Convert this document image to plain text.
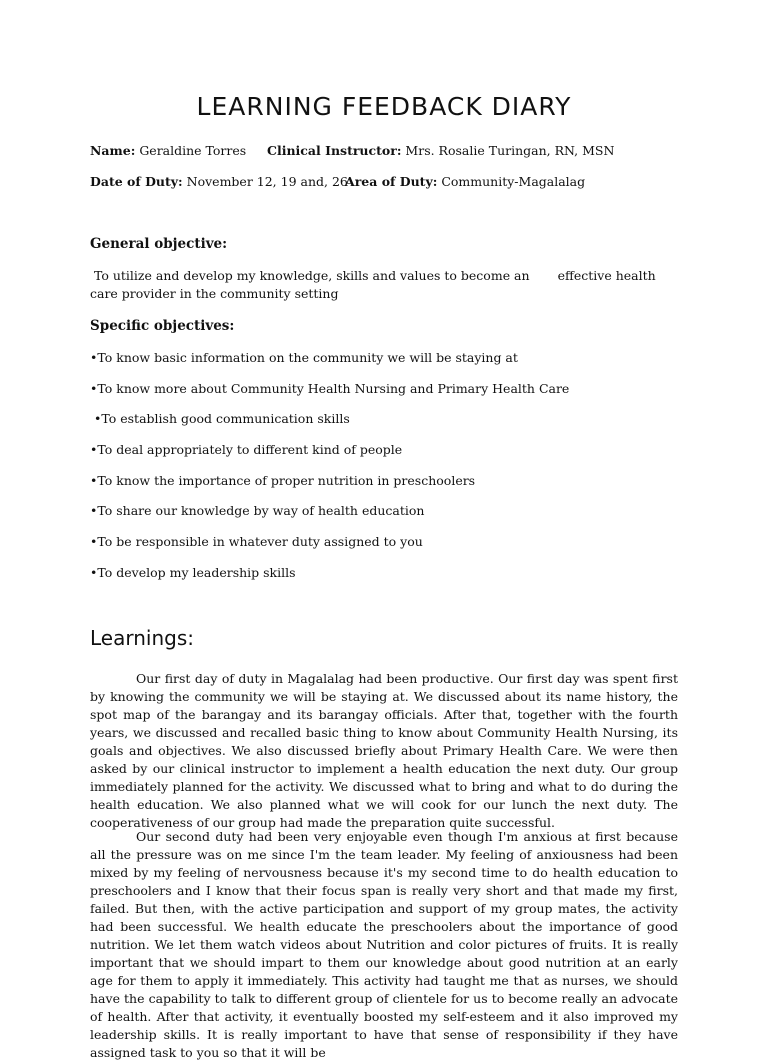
LEARNING FEEDBACK DIARY
Name: Geraldine Torres Clinical Instructor: Mrs. Rosalie Turingan, RN, MSN
Date of Duty: November 12, 19 and, 26
Area of Duty: Community-Magalalag
General objective:
To utilize and develop my knowledge, skills and values to become an effective health care provider in the community setting
Specific objectives:
•To know basic information on the community we will be staying at
•To know more about Community Health Nursing and Primary Health Care
•To establish good communication skills
•To deal appropriately to different kind of people
•To know the importance of proper nutrition in preschoolers
•To share our knowledge by way of health education
•To be responsible in whatever duty assigned to you
•To develop my leadership skills
Learnings:
Our first day of duty in Magalalag had been productive. Our first day was spent first by knowing the community we will be staying at. We discussed about its name history, the spot map of the barangay and its barangay officials. After that, together with the fourth years, we discussed and recalled basic thing to know about Community Health Nursing, its goals and objectives. We also discussed briefly about Primary Health Care. We were then asked by our clinical instructor to implement a health education the next duty. Our group immediately planned for the activity. We discussed what to bring and what to do during the health education. We also planned what we will cook for our lunch the next duty. The cooperativeness of our group had made the preparation quite successful.
Our second duty had been very enjoyable even though I'm anxious at first because all the pressure was on me since I'm the team leader. My feeling of anxiousness had been mixed by my feeling of nervousness because it's my second time to do health education to preschoolers and I know that their focus span is really very short and that made my first, failed. But then, with the active participation and support of my group mates, the activity had been successful. We health educate the preschoolers about the importance of good nutrition. We let them watch videos about Nutrition and color pictures of fruits. It is really important that we should impart to them our knowledge about good nutrition at an early age for them to apply it immediately. This activity had taught me that as nurses, we should have the capability to talk to different group of clientele for us to become really an advocate of health. After that activity, it eventually boosted my self-esteem and it also improved my leadership skills. It is really important to have that sense of responsibility if they have assigned task to you so that it will be
